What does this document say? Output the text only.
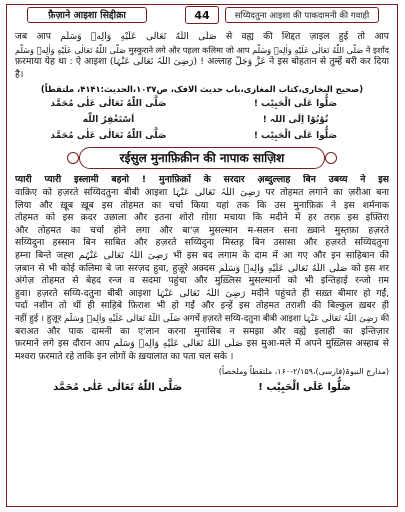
फ़ैज़ाने आइशा सिद्दीक़ा	44	सय्यिदतुना आइशा की पाकदामनी की गवाही

जब आप صَلَّى اللّٰهُ تَعَالٰى عَلَيْهِ وَاٰلِهٖ وَسَلَّم से वह्य की शिद्दत ज़ाइल हुई तो आप

صَلَّى اللّٰهُ تَعَالٰى عَلَيْهِ وَاٰلِهٖ وَسَلَّم मुस्कुराने लगे और पहला कलिमा जो आप صَلَّى اللّٰهُ تَعَالٰى عَلَيْهِ وَاٰلِهٖ وَسَلَّم ने इर्शाद

फ़रमाया येह था : ऐ आइशा (رَضِیَ اللّٰہُ تَعَالٰی عَنْہَا) ! अल्लाह عَزَّ وَجَلَّ ने इस बोहतान से तुम्हें बरी कर दिया

है।

(صحیح البخاری،کتاب المغازی،باب حدیث الافک، ص۱۰۳۷،الحدیث:۴۱۴۱، ملتقطاً)
صَلُّوا عَلَی الْحَبِیْب !
صَلَّى اللّٰهُ تَعَالٰى عَلٰى مُحَمَّد
تُوْبُوْا اِلَی اللہ !
اَسْتَغْفِرُ اللّٰه
صَلُّوا عَلَی الْحَبِیْب !
صَلَّى اللّٰهُ تَعَالٰى عَلٰى مُحَمَّد
रईसुल मुनाफ़िक़ीन की नापाक साज़िश

प्यारी प्यारी इस्लामी बहनो ! मुनाफ़िक़ों के सरदार अ़ब्दुल्लाह बिन उबय्य ने इस

वाक़िए को हज़रते सय्यिदतुना बीबी आइशा رَضِیَ اللّٰہُ تَعَالٰی عَنْہَا पर तोहमत लगाने का ज़रीआ बना

लिया और ख़ूब ख़ूब इस तोहमत का चर्चा किया यहां तक कि उस मुनाफ़िक़ ने इस शर्मनाक

तोहमत को इस क़दर उछाला और इतना शोरो ग़ोग़ा मचाया कि मदीने में हर तरफ़ इस इफ़्तिरा

और तोहमत का चर्चा होने लगा और बा'ज़ मुसल्मान म-सलन सना ख़्वाने मुस्त़फ़ा हज़रते

सय्यिदुना हस्सान बिन साबित और हज़रते सय्यिदुना मिस्तह़ बिन उसासा और हज़रते सय्यिदतुना

हम्ना बिन्ते जह्श رَضِیَ اللّٰہُ تَعَالٰی عَنْہُم भी इस बद लगाम के दाम में आ गए और इन साहिबान की

ज़बान से भी कोई कलिमा बे जा सरज़द हुवा, हुज़ूरे अक़्दस صَلَّى اللّٰهُ تَعَالٰى عَلَيْهِ وَاٰلِهٖ وَسَلَّم को इस शर

अंगेज़ तोहमत से बेहद रन्ज व सदमा पहुंचा और मुख़्लिस मुसल्मानों को भी इन्तिहाई रन्जो ग़म

हुवा। हज़रते सय्यि-दतुना बीबी आइशा رَضِیَ اللّٰہُ تَعَالٰی عَنْہَا मदीने पहुंचते ही सख़्त बीमार हो गईं,

पर्दा नशीन तो थीं ही साहिबे फ़िराश भी हो गईं और इन्हें इस तोहमत तराशी की बिल्कुल ख़बर ही

नहीं हुई । हुज़ूर صَلَّى اللّٰهُ تَعَالٰى عَلَيْهِ وَاٰلِهٖ وَسَلَّم अगर्चे हज़रते सय्यि-दतुना बीबी आइशा رَضِیَ اللّٰہُ تَعَالٰی عَنْہَا की

बराअत और पाक दामनी का ए'लान करना मुनासिब न समझा और वह्ये इलाही का इन्तिज़ार

फ़रमाने लगे इस दौरान आप صَلَّى اللّٰهُ تَعَالٰى عَلَيْهِ وَاٰلِهٖ وَسَلَّم इस मुआ-मले में अपने मुख़्लिस अस्हाब से

मश्वरा फ़रमाते रहे ताकि इन लोगों के ख़यालात का पता चल सके ।

(مدارج النبوۃ(فارسی)،۲/۱۵۹-۱۶۰، ملتقطاً وملخصاً)
صَلُّوا عَلَی الْحَبِیْب !
صَلَّى اللّٰهُ تَعَالٰى عَلٰى مُحَمَّد
